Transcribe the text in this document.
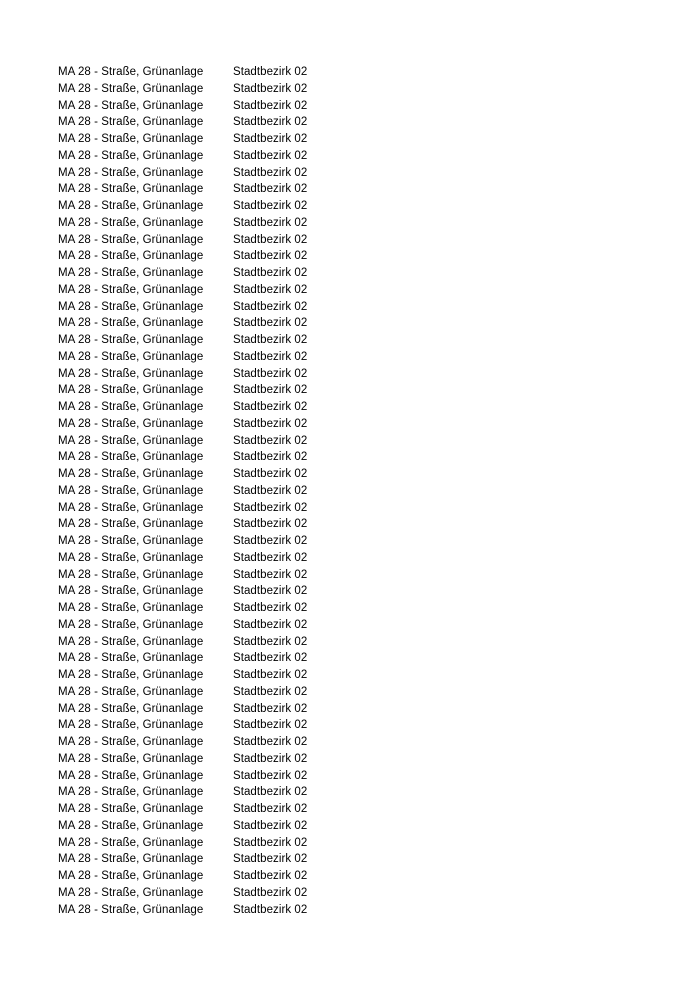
MA 28 - Straße, Grünanlage	Stadtbezirk 02
MA 28 - Straße, Grünanlage	Stadtbezirk 02
MA 28 - Straße, Grünanlage	Stadtbezirk 02
MA 28 - Straße, Grünanlage	Stadtbezirk 02
MA 28 - Straße, Grünanlage	Stadtbezirk 02
MA 28 - Straße, Grünanlage	Stadtbezirk 02
MA 28 - Straße, Grünanlage	Stadtbezirk 02
MA 28 - Straße, Grünanlage	Stadtbezirk 02
MA 28 - Straße, Grünanlage	Stadtbezirk 02
MA 28 - Straße, Grünanlage	Stadtbezirk 02
MA 28 - Straße, Grünanlage	Stadtbezirk 02
MA 28 - Straße, Grünanlage	Stadtbezirk 02
MA 28 - Straße, Grünanlage	Stadtbezirk 02
MA 28 - Straße, Grünanlage	Stadtbezirk 02
MA 28 - Straße, Grünanlage	Stadtbezirk 02
MA 28 - Straße, Grünanlage	Stadtbezirk 02
MA 28 - Straße, Grünanlage	Stadtbezirk 02
MA 28 - Straße, Grünanlage	Stadtbezirk 02
MA 28 - Straße, Grünanlage	Stadtbezirk 02
MA 28 - Straße, Grünanlage	Stadtbezirk 02
MA 28 - Straße, Grünanlage	Stadtbezirk 02
MA 28 - Straße, Grünanlage	Stadtbezirk 02
MA 28 - Straße, Grünanlage	Stadtbezirk 02
MA 28 - Straße, Grünanlage	Stadtbezirk 02
MA 28 - Straße, Grünanlage	Stadtbezirk 02
MA 28 - Straße, Grünanlage	Stadtbezirk 02
MA 28 - Straße, Grünanlage	Stadtbezirk 02
MA 28 - Straße, Grünanlage	Stadtbezirk 02
MA 28 - Straße, Grünanlage	Stadtbezirk 02
MA 28 - Straße, Grünanlage	Stadtbezirk 02
MA 28 - Straße, Grünanlage	Stadtbezirk 02
MA 28 - Straße, Grünanlage	Stadtbezirk 02
MA 28 - Straße, Grünanlage	Stadtbezirk 02
MA 28 - Straße, Grünanlage	Stadtbezirk 02
MA 28 - Straße, Grünanlage	Stadtbezirk 02
MA 28 - Straße, Grünanlage	Stadtbezirk 02
MA 28 - Straße, Grünanlage	Stadtbezirk 02
MA 28 - Straße, Grünanlage	Stadtbezirk 02
MA 28 - Straße, Grünanlage	Stadtbezirk 02
MA 28 - Straße, Grünanlage	Stadtbezirk 02
MA 28 - Straße, Grünanlage	Stadtbezirk 02
MA 28 - Straße, Grünanlage	Stadtbezirk 02
MA 28 - Straße, Grünanlage	Stadtbezirk 02
MA 28 - Straße, Grünanlage	Stadtbezirk 02
MA 28 - Straße, Grünanlage	Stadtbezirk 02
MA 28 - Straße, Grünanlage	Stadtbezirk 02
MA 28 - Straße, Grünanlage	Stadtbezirk 02
MA 28 - Straße, Grünanlage	Stadtbezirk 02
MA 28 - Straße, Grünanlage	Stadtbezirk 02
MA 28 - Straße, Grünanlage	Stadtbezirk 02
MA 28 - Straße, Grünanlage	Stadtbezirk 02
